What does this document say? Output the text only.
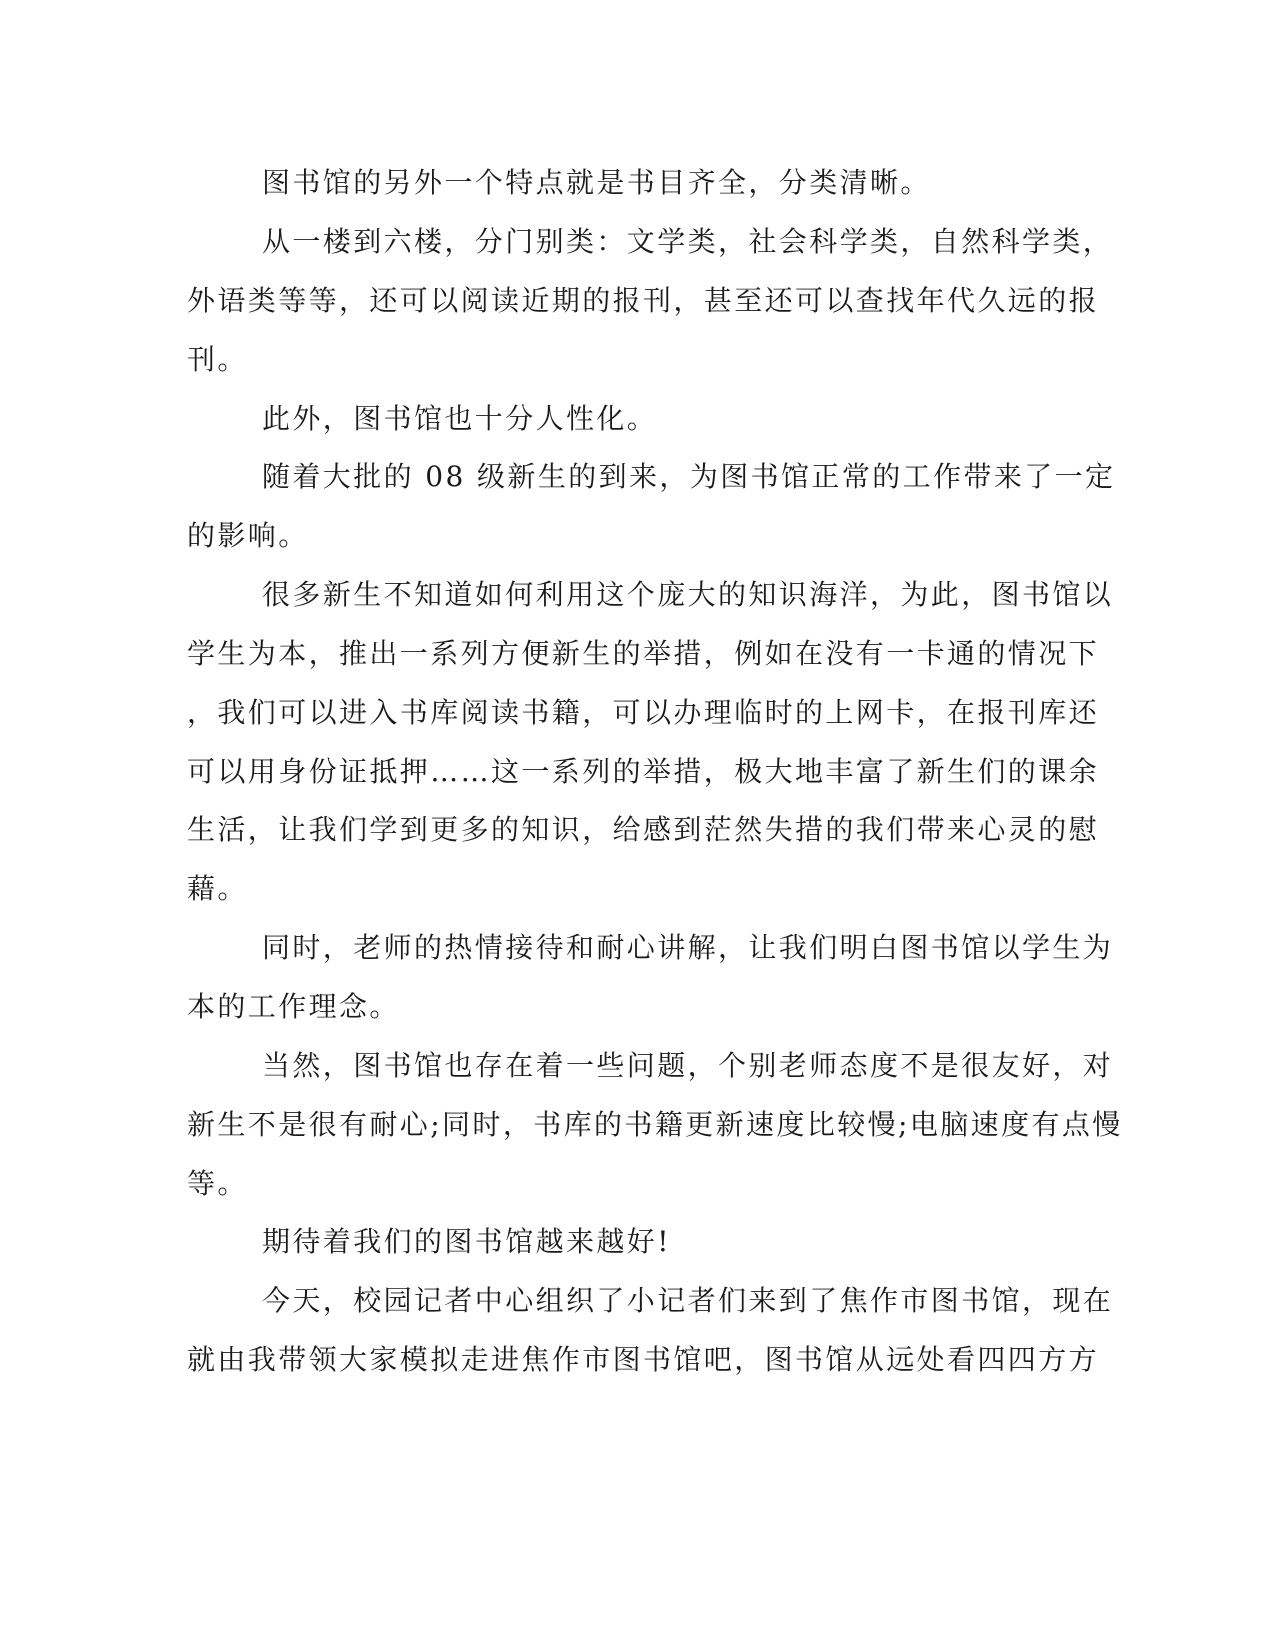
图书馆的另外一个特点就是书目齐全，分类清晰。
从一楼到六楼，分门别类：文学类，社会科学类，自然科学类，
外语类等等，还可以阅读近期的报刊，甚至还可以查找年代久远的报
刊。
此外，图书馆也十分人性化。
随着大批的 08 级新生的到来，为图书馆正常的工作带来了一定
的影响。
很多新生不知道如何利用这个庞大的知识海洋，为此，图书馆以
学生为本，推出一系列方便新生的举措，例如在没有一卡通的情况下
，我们可以进入书库阅读书籍，可以办理临时的上网卡，在报刊库还
可以用身份证抵押……这一系列的举措，极大地丰富了新生们的课余
生活，让我们学到更多的知识，给感到茫然失措的我们带来心灵的慰
藉。
同时，老师的热情接待和耐心讲解，让我们明白图书馆以学生为
本的工作理念。
当然，图书馆也存在着一些问题，个别老师态度不是很友好，对
新生不是很有耐心;同时，书库的书籍更新速度比较慢;电脑速度有点慢
等。
期待着我们的图书馆越来越好!
今天，校园记者中心组织了小记者们来到了焦作市图书馆，现在
就由我带领大家模拟走进焦作市图书馆吧，图书馆从远处看四四方方
